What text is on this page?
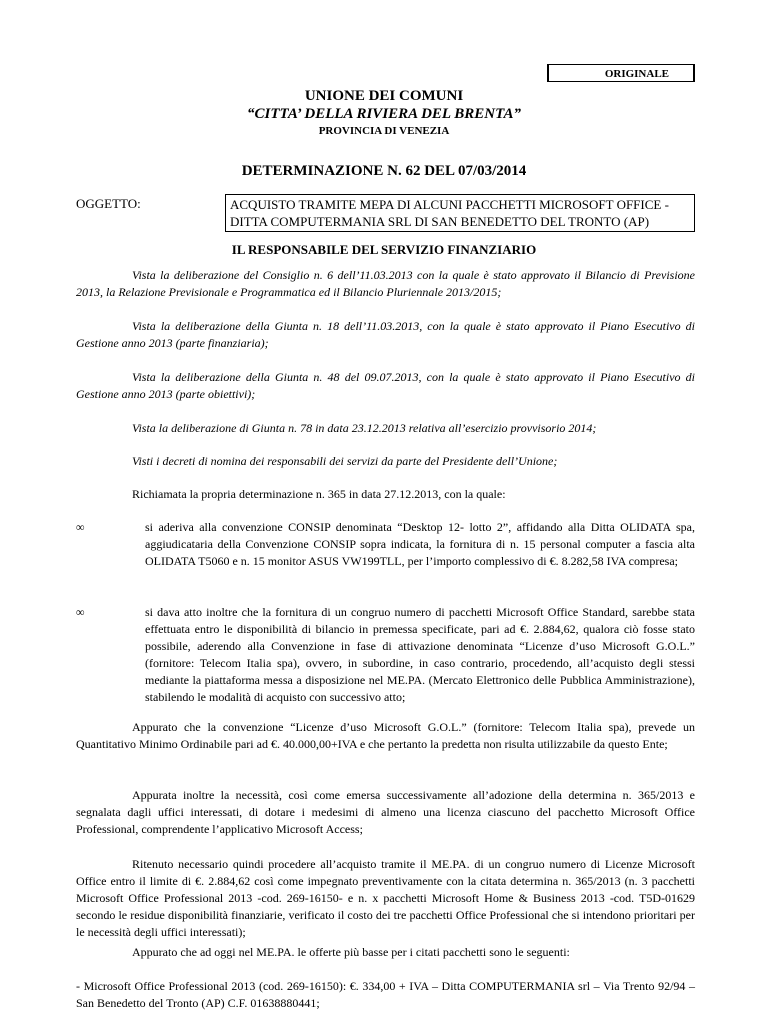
ORIGINALE
UNIONE DEI COMUNI
“CITTA’ DELLA RIVIERA DEL BRENTA”
PROVINCIA DI VENEZIA
DETERMINAZIONE N. 62 DEL 07/03/2014
OGGETTO:	ACQUISTO TRAMITE MEPA DI ALCUNI PACCHETTI MICROSOFT OFFICE - DITTA COMPUTERMANIA SRL DI SAN BENEDETTO DEL TRONTO (AP)
IL RESPONSABILE DEL SERVIZIO FINANZIARIO
Vista la deliberazione del Consiglio n. 6 dell’11.03.2013 con la quale è stato approvato il Bilancio di Previsione 2013, la Relazione Previsionale e Programmatica ed il Bilancio Pluriennale 2013/2015;
Vista la deliberazione della Giunta n. 18 dell’11.03.2013, con la quale è stato approvato il Piano Esecutivo di Gestione anno 2013 (parte finanziaria);
Vista la deliberazione della Giunta n. 48 del 09.07.2013, con la quale è stato approvato il Piano Esecutivo di Gestione anno 2013 (parte obiettivi);
Vista la deliberazione di Giunta n. 78 in data 23.12.2013 relativa all’esercizio provvisorio 2014;
Visti i decreti di nomina dei responsabili dei servizi da parte del Presidente dell’Unione;
Richiamata la propria determinazione n. 365 in data 27.12.2013, con la quale:
∞	si aderiva alla convenzione CONSIP denominata “Desktop 12- lotto 2”, affidando alla Ditta OLIDATA spa, aggiudicataria della Convenzione CONSIP sopra indicata, la fornitura di n. 15 personal computer a fascia alta OLIDATA T5060 e n. 15 monitor ASUS VW199TLL, per l’importo complessivo di €. 8.282,58 IVA compresa;
∞	si dava atto inoltre che la fornitura di un congruo numero di pacchetti Microsoft Office Standard, sarebbe stata effettuata entro le disponibilità di bilancio in premessa specificate, pari ad €. 2.884,62, qualora ciò fosse stato possibile, aderendo alla Convenzione in fase di attivazione denominata “Licenze d’uso Microsoft G.O.L.” (fornitore: Telecom Italia spa), ovvero, in subordine, in caso contrario, procedendo, all’acquisto degli stessi mediante la piattaforma messa a disposizione nel ME.PA. (Mercato Elettronico delle Pubblica Amministrazione), stabilendo le modalità di acquisto con successivo atto;
Appurato che la convenzione “Licenze d’uso Microsoft G.O.L.” (fornitore: Telecom Italia spa), prevede un Quantitativo Minimo Ordinabile pari ad €. 40.000,00+IVA e che pertanto la predetta non risulta utilizzabile da questo Ente;
Appurata inoltre la necessità, così come emersa successivamente all’adozione della determina n. 365/2013 e segnalata dagli uffici interessati, di dotare i medesimi di almeno una licenza ciascuno del pacchetto Microsoft Office Professional, comprendente l’applicativo Microsoft Access;
Ritenuto necessario quindi procedere all’acquisto tramite il ME.PA. di un congruo numero di Licenze Microsoft Office entro il limite di €. 2.884,62 così come impegnato preventivamente con la citata determina n. 365/2013 (n. 3 pacchetti Microsoft Office Professional 2013 -cod. 269-16150- e n. x pacchetti Microsoft Home & Business 2013 -cod. T5D-01629 secondo le residue disponibilità finanziarie, verificato il costo dei tre pacchetti Office Professional che si intendono prioritari per le necessità degli uffici interessati);
Appurato che ad oggi nel ME.PA. le offerte più basse per i citati pacchetti sono le seguenti:
- Microsoft Office Professional 2013 (cod. 269-16150): €. 334,00 + IVA – Ditta COMPUTERMANIA srl – Via Trento 92/94 – San Benedetto del Tronto (AP) C.F. 01638880441;
